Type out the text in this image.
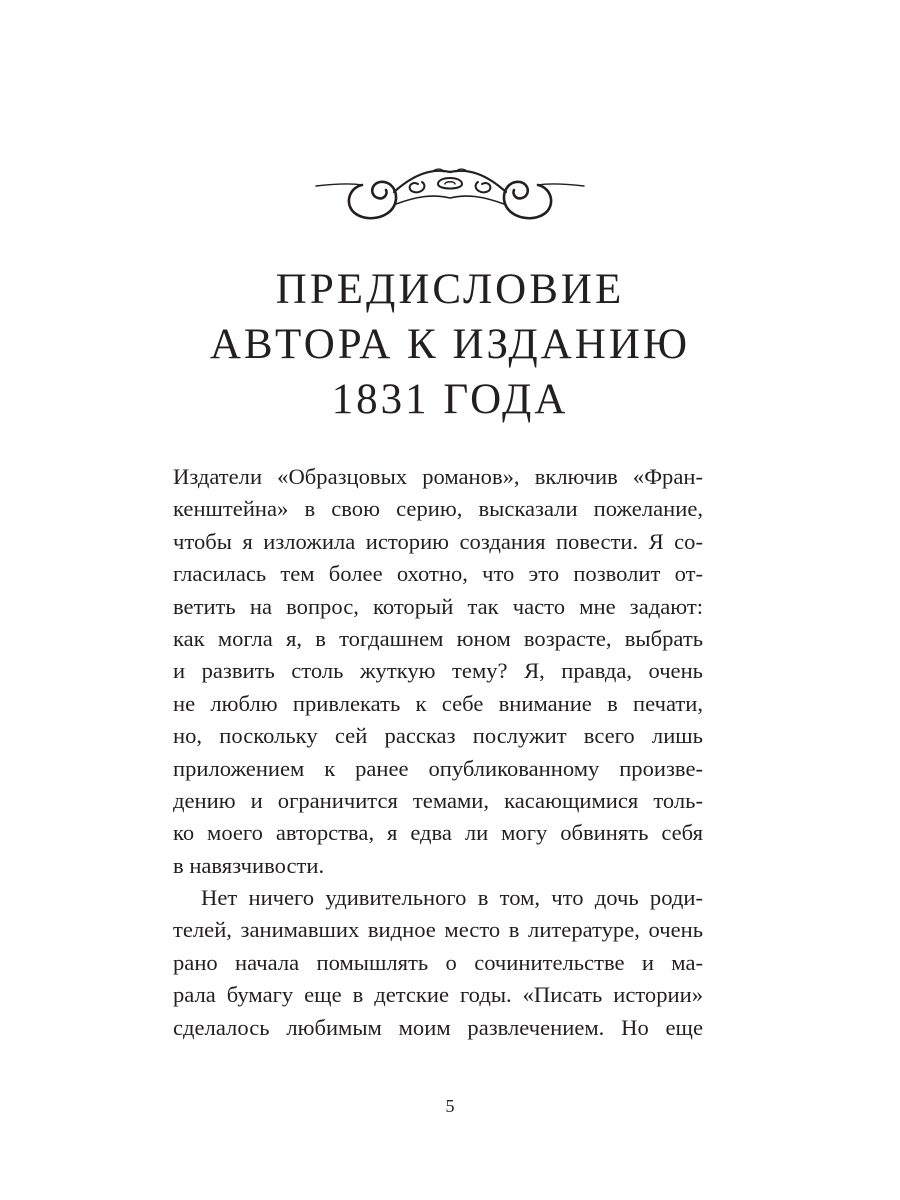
ПРЕДИСЛОВИЕ
АВТОРА К ИЗДАНИЮ
1831 ГОДА
Издатели «Образцовых романов», включив «Фран-
кенштейна» в свою серию, высказали пожелание,
чтобы я изложила историю создания повести. Я со-
гласилась тем более охотно, что это позволит от-
ветить на вопрос, который так часто мне задают:
как могла я, в тогдашнем юном возрасте, выбрать
и развить столь жуткую тему? Я, правда, очень
не люблю привлекать к себе внимание в печати,
но, поскольку сей рассказ послужит всего лишь
приложением к ранее опубликованному произве-
дению и ограничится темами, касающимися толь-
ко моего авторства, я едва ли могу обвинять себя
в навязчивости.
Нет ничего удивительного в том, что дочь роди-
телей, занимавших видное место в литературе, очень
рано начала помышлять о сочинительстве и ма-
рала бумагу еще в детские годы. «Писать истории»
сделалось любимым моим развлечением. Но еще
5
